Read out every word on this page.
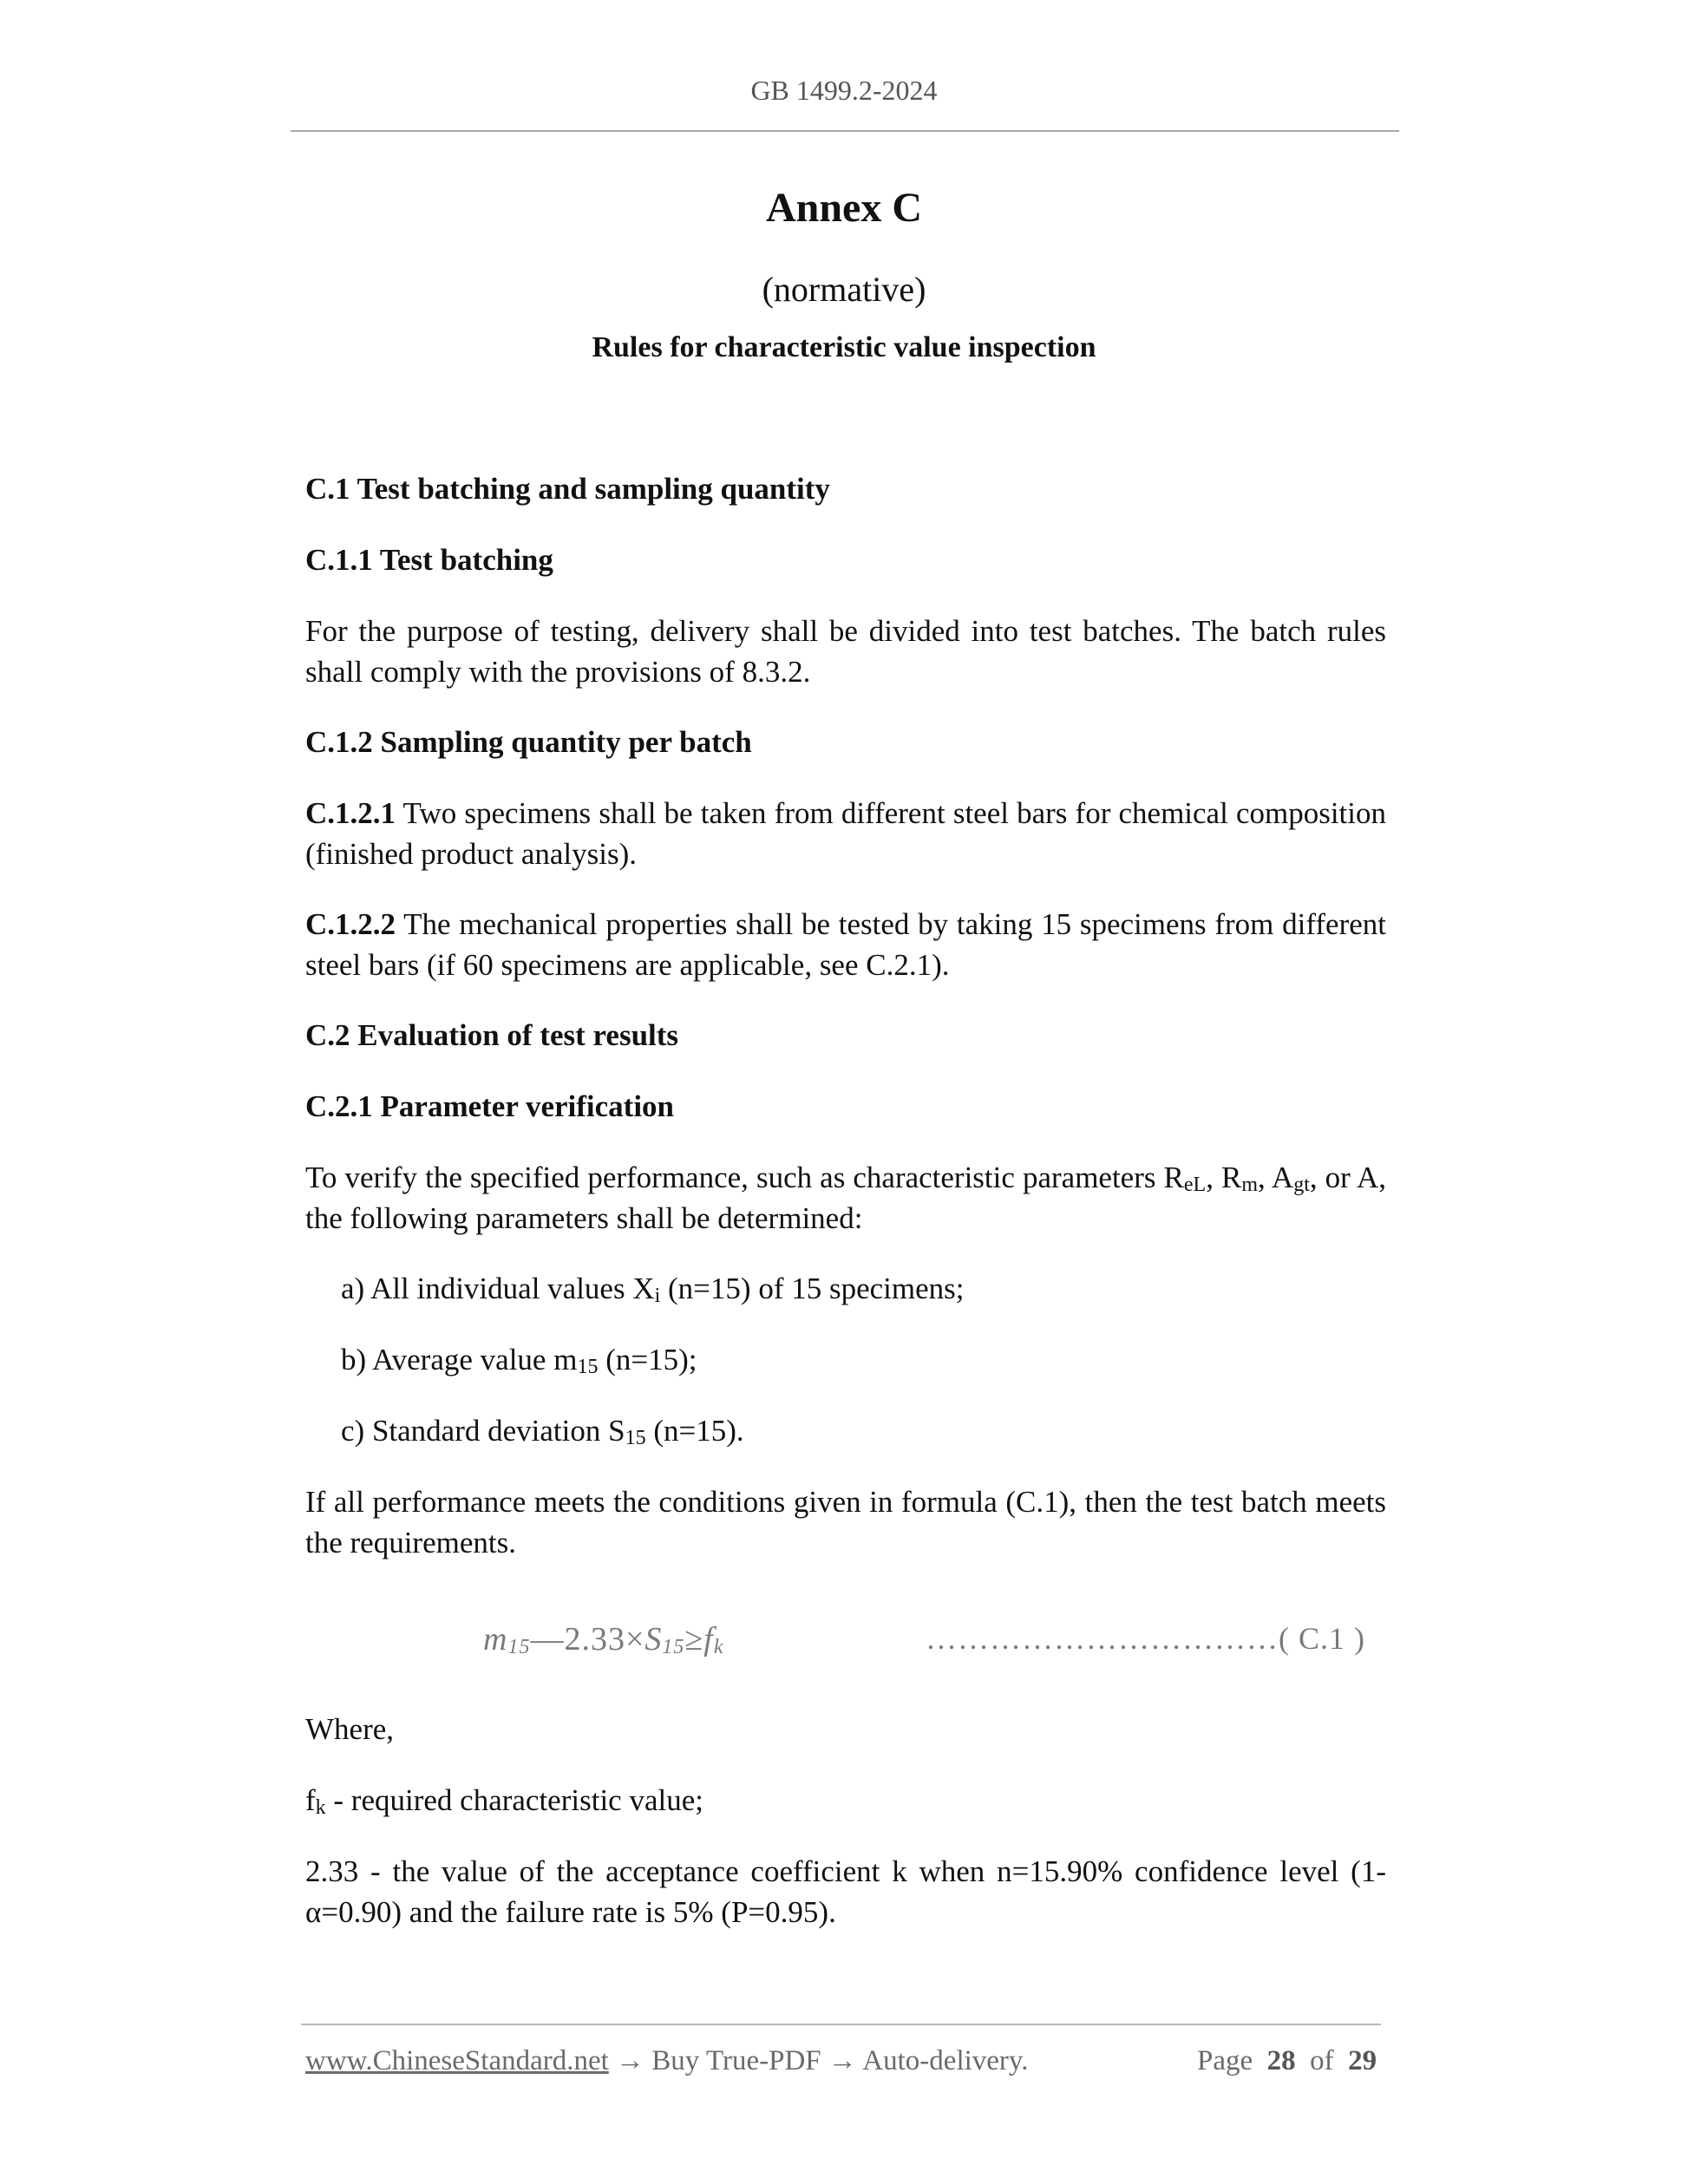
GB 1499.2-2024
Annex C
(normative)
Rules for characteristic value inspection
C.1 Test batching and sampling quantity
C.1.1 Test batching
For the purpose of testing, delivery shall be divided into test batches. The batch rules shall comply with the provisions of 8.3.2.
C.1.2 Sampling quantity per batch
C.1.2.1 Two specimens shall be taken from different steel bars for chemical composition (finished product analysis).
C.1.2.2 The mechanical properties shall be tested by taking 15 specimens from different steel bars (if 60 specimens are applicable, see C.2.1).
C.2 Evaluation of test results
C.2.1 Parameter verification
To verify the specified performance, such as characteristic parameters $R_{eL}$, $R_m$, $A_{gt}$, or A, the following parameters shall be determined:
a) All individual values $X_i$ (n=15) of 15 specimens;
b) Average value $m_{15}$ (n=15);
c) Standard deviation $S_{15}$ (n=15).
If all performance meets the conditions given in formula (C.1), then the test batch meets the requirements.
$m_{15}—2.33\times S_{15}\ge f_k$	……………………………( C.1 )
Where,
$f_k$ - required characteristic value;
2.33 - the value of the acceptance coefficient k when n=15.90% confidence level (1-α=0.90) and the failure rate is 5% (P=0.95).
www.ChineseStandard.net → Buy True-PDF → Auto-delivery.	Page 28 of 29
